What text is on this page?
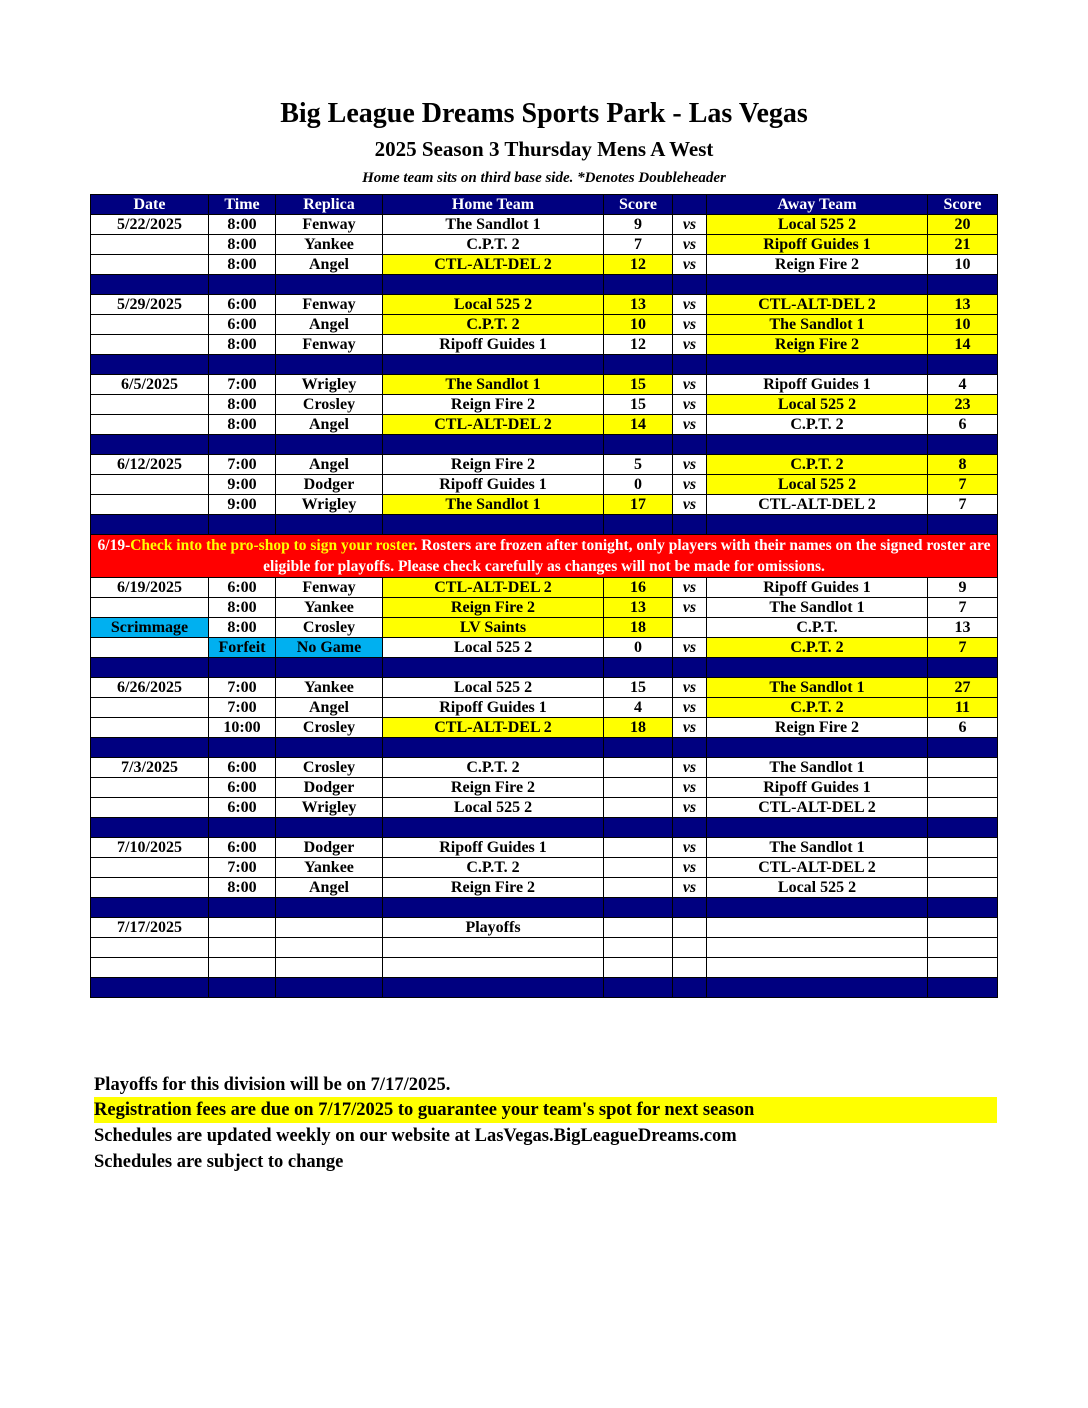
Big League Dreams Sports Park - Las Vegas
2025 Season 3 Thursday Mens A West
Home team sits on third base side. *Denotes Doubleheader
Date	Time	Replica	Home Team	Score		Away Team	Score
5/22/2025	8:00	Fenway	The Sandlot 1	9	vs	Local 525 2	20
	8:00	Yankee	C.P.T. 2	7	vs	Ripoff Guides 1	21
	8:00	Angel	CTL-ALT-DEL 2	12	vs	Reign Fire 2	10

5/29/2025	6:00	Fenway	Local 525 2	13	vs	CTL-ALT-DEL 2	13
	6:00	Angel	C.P.T. 2	10	vs	The Sandlot 1	10
	8:00	Fenway	Ripoff Guides 1	12	vs	Reign Fire 2	14

6/5/2025	7:00	Wrigley	The Sandlot 1	15	vs	Ripoff Guides 1	4
	8:00	Crosley	Reign Fire 2	15	vs	Local 525 2	23
	8:00	Angel	CTL-ALT-DEL 2	14	vs	C.P.T. 2	6

6/12/2025	7:00	Angel	Reign Fire 2	5	vs	C.P.T. 2	8
	9:00	Dodger	Ripoff Guides 1	0	vs	Local 525 2	7
	9:00	Wrigley	The Sandlot 1	17	vs	CTL-ALT-DEL 2	7

6/19-Check into the pro-shop to sign your roster. Rosters are frozen after tonight, only players with their names on the signed roster are eligible for playoffs. Please check carefully as changes will not be made for omissions.							
6/19/2025	6:00	Fenway	CTL-ALT-DEL 2	16	vs	Ripoff Guides 1	9
	8:00	Yankee	Reign Fire 2	13	vs	The Sandlot 1	7
Scrimmage	8:00	Crosley	LV Saints	18		C.P.T.	13
	Forfeit	No Game	Local 525 2	0	vs	C.P.T. 2	7

6/26/2025	7:00	Yankee	Local 525 2	15	vs	The Sandlot 1	27
	7:00	Angel	Ripoff Guides 1	4	vs	C.P.T. 2	11
	10:00	Crosley	CTL-ALT-DEL 2	18	vs	Reign Fire 2	6

7/3/2025	6:00	Crosley	C.P.T. 2		vs	The Sandlot 1	
	6:00	Dodger	Reign Fire 2		vs	Ripoff Guides 1	
	6:00	Wrigley	Local 525 2		vs	CTL-ALT-DEL 2	

7/10/2025	6:00	Dodger	Ripoff Guides 1		vs	The Sandlot 1	
	7:00	Yankee	C.P.T. 2		vs	CTL-ALT-DEL 2	
	8:00	Angel	Reign Fire 2		vs	Local 525 2	

7/17/2025			Playoffs				

Playoffs for this division will be on 7/17/2025.
Registration fees are due on 7/17/2025 to guarantee your team's spot for next season
Schedules are updated weekly on our website at LasVegas.BigLeagueDreams.com
Schedules are subject to change
